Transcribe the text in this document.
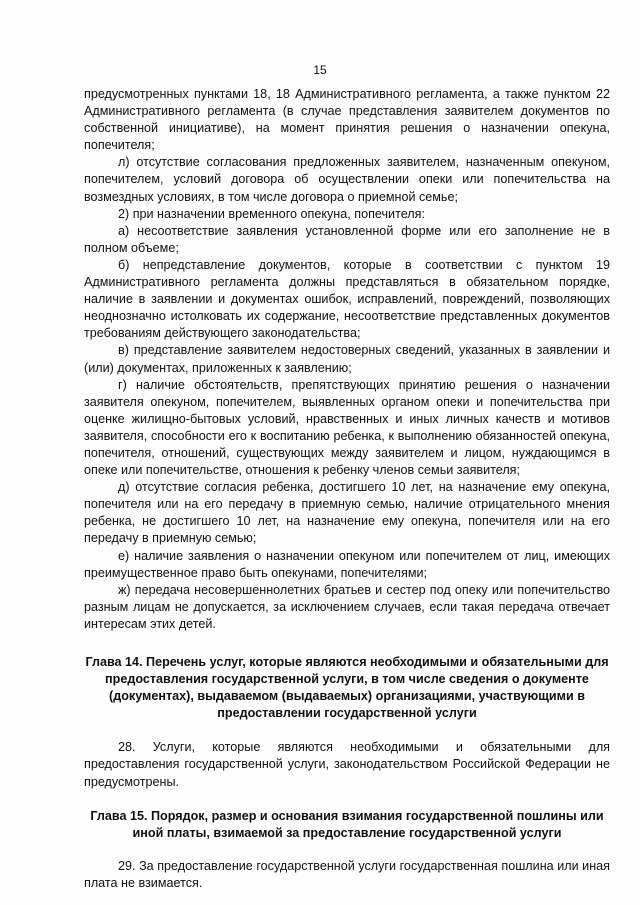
15

предусмотренных пунктами 18, 18 Административного регламента, а также пунктом 22 Административного регламента (в случае представления заявителем документов по собственной инициативе), на момент принятия решения о назначении опекуна, попечителя;

л) отсутствие согласования предложенных заявителем, назначенным опекуном, попечителем, условий договора об осуществлении опеки или попечительства на возмездных условиях, в том числе договора о приемной семье;

2) при назначении временного опекуна, попечителя:

а) несоответствие заявления установленной форме или его заполнение не в полном объеме;

б) непредставление документов, которые в соответствии с пунктом 19 Административного регламента должны представляться в обязательном порядке, наличие в заявлении и документах ошибок, исправлений, повреждений, позволяющих неоднозначно истолковать их содержание, несоответствие представленных документов требованиям действующего законодательства;

в) представление заявителем недостоверных сведений, указанных в заявлении и (или) документах, приложенных к заявлению;

г) наличие обстоятельств, препятствующих принятию решения о назначении заявителя опекуном, попечителем, выявленных органом опеки и попечительства при оценке жилищно-бытовых условий, нравственных и иных личных качеств и мотивов заявителя, способности его к воспитанию ребенка, к выполнению обязанностей опекуна, попечителя, отношений, существующих между заявителем и лицом, нуждающимся в опеке или попечительстве, отношения к ребенку членов семьи заявителя;

д) отсутствие согласия ребенка, достигшего 10 лет, на назначение ему опекуна, попечителя или на его передачу в приемную семью, наличие отрицательного мнения ребенка, не достигшего 10 лет, на назначение ему опекуна, попечителя или на его передачу в приемную семью;

е) наличие заявления о назначении опекуном или попечителем от лиц, имеющих преимущественное право быть опекунами, попечителями;

ж) передача несовершеннолетних братьев и сестер под опеку или попечительство разным лицам не допускается, за исключением случаев, если такая передача отвечает интересам этих детей.

Глава 14. Перечень услуг, которые являются необходимыми и обязательными для предоставления государственной услуги, в том числе сведения о документе (документах), выдаваемом (выдаваемых) организациями, участвующими в предоставлении государственной услуги

28. Услуги, которые являются необходимыми и обязательными для предоставления государственной услуги, законодательством Российской Федерации не предусмотрены.

Глава 15. Порядок, размер и основания взимания государственной пошлины или иной платы, взимаемой за предоставление государственной услуги

29. За предоставление государственной услуги государственная пошлина или иная плата не взимается.
